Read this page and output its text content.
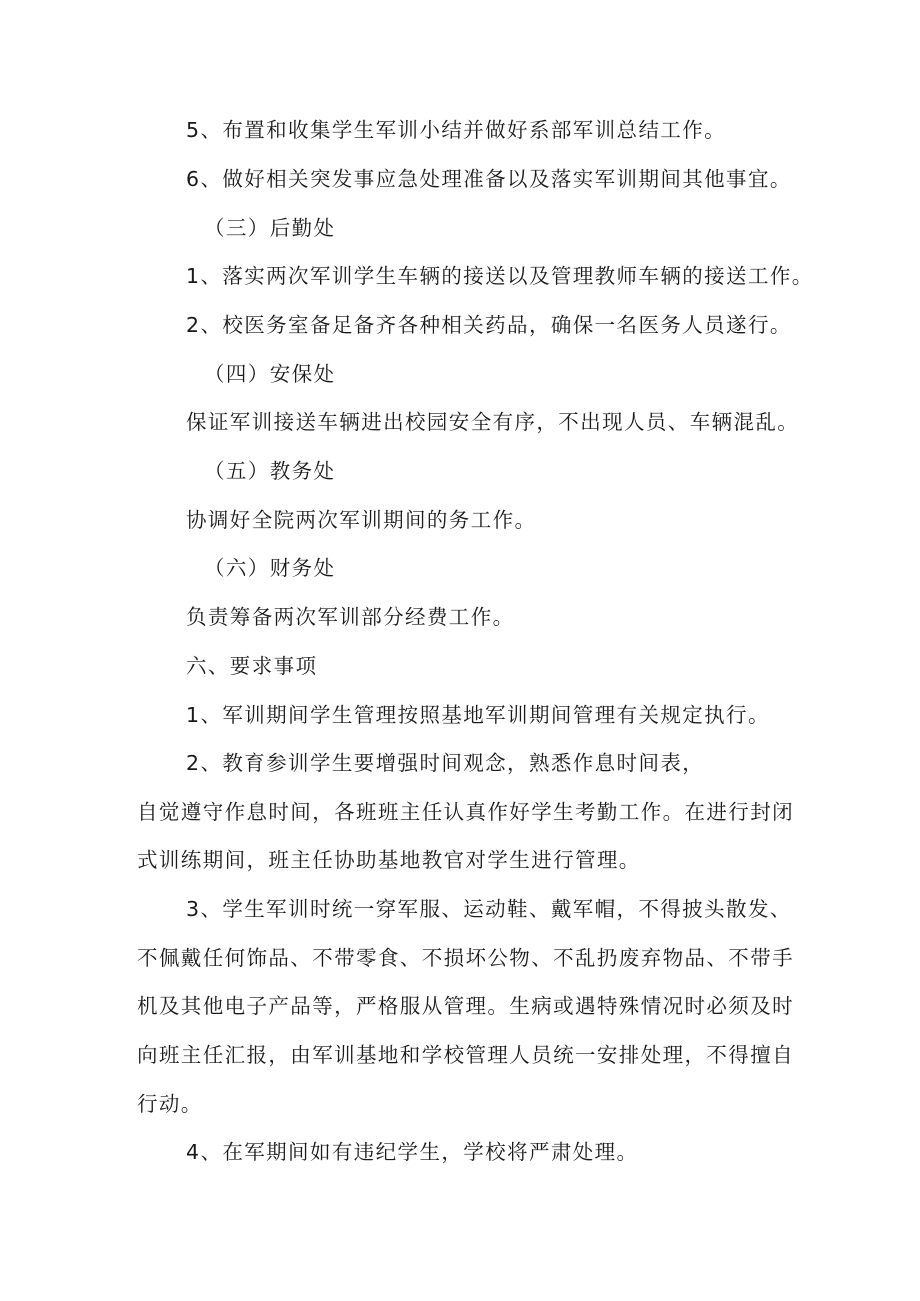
5、布置和收集学生军训小结并做好系部军训总结工作。
6、做好相关突发事应急处理准备以及落实军训期间其他事宜。
（三）后勤处
1、落实两次军训学生车辆的接送以及管理教师车辆的接送工作。
2、校医务室备足备齐各种相关药品，确保一名医务人员遂行。
（四）安保处
保证军训接送车辆进出校园安全有序，不出现人员、车辆混乱。
（五）教务处
协调好全院两次军训期间的务工作。
（六）财务处
负责筹备两次军训部分经费工作。
六、要求事项
1、军训期间学生管理按照基地军训期间管理有关规定执行。
2、教育参训学生要增强时间观念，熟悉作息时间表，
自觉遵守作息时间，各班班主任认真作好学生考勤工作。在进行封闭
式训练期间，班主任协助基地教官对学生进行管理。
3、学生军训时统一穿军服、运动鞋、戴军帽，不得披头散发、
不佩戴任何饰品、不带零食、不损坏公物、不乱扔废弃物品、不带手
机及其他电子产品等，严格服从管理。生病或遇特殊情况时必须及时
向班主任汇报，由军训基地和学校管理人员统一安排处理，不得擅自
行动。
4、在军期间如有违纪学生，学校将严肃处理。
